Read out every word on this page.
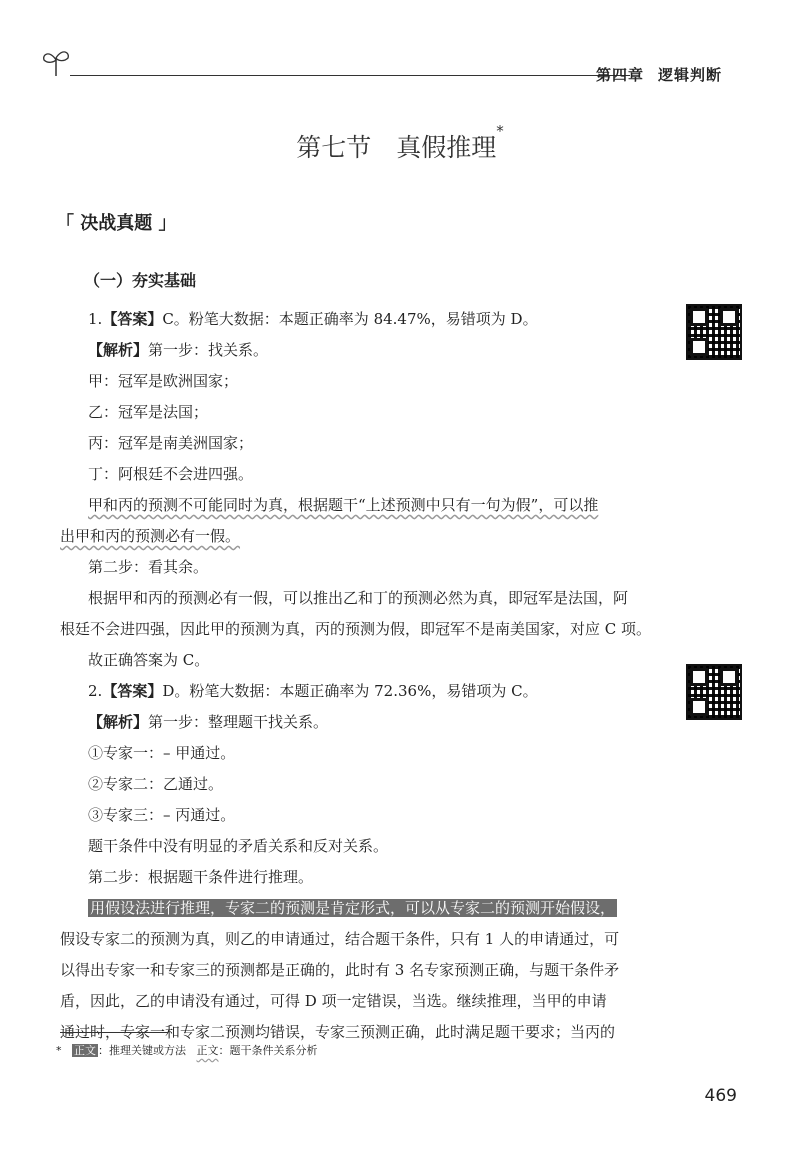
第四章 逻辑判断
第七节　真假推理*
「 决战真题 」
（一）夯实基础

1.【答案】C。粉笔大数据：本题正确率为 84.47%，易错项为 D。

【解析】第一步：找关系。

甲：冠军是欧洲国家；

乙：冠军是法国；

丙：冠军是南美洲国家；

丁：阿根廷不会进四强。

甲和丙的预测不可能同时为真，根据题干“上述预测中只有一句为假”，可以推

出甲和丙的预测必有一假。

第二步：看其余。

根据甲和丙的预测必有一假，可以推出乙和丁的预测必然为真，即冠军是法国，阿

根廷不会进四强，因此甲的预测为真，丙的预测为假，即冠军不是南美国家，对应 C 项。

故正确答案为 C。

2.【答案】D。粉笔大数据：本题正确率为 72.36%，易错项为 C。

【解析】第一步：整理题干找关系。

①专家一：– 甲通过。

②专家二：乙通过。

③专家三：– 丙通过。

题干条件中没有明显的矛盾关系和反对关系。

第二步：根据题干条件进行推理。

用假设法进行推理，专家二的预测是肯定形式，可以从专家二的预测开始假设，

假设专家二的预测为真，则乙的申请通过，结合题干条件，只有 1 人的申请通过，可

以得出专家一和专家三的预测都是正确的，此时有 3 名专家预测正确，与题干条件矛

盾，因此，乙的申请没有通过，可得 D 项一定错误，当选。继续推理，当甲的申请

通过时，专家一和专家二预测均错误，专家三预测正确，此时满足题干要求；当丙的

* 正文 ：推理关键或方法 正文：题干条件关系分析
469
